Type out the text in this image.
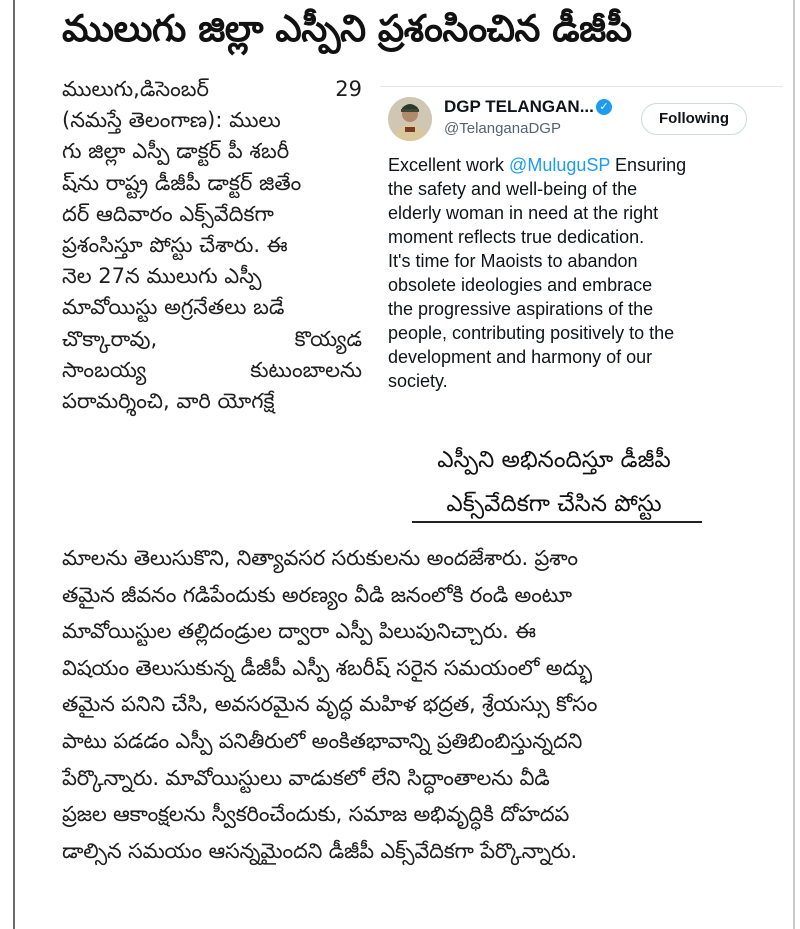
ములుగు జిల్లా ఎస్పీని ప్రశంసించిన డీజీపీ
ములుగు,డిసెంబర్	29
(నమస్తే తెలంగాణ): ములు
గు జిల్లా ఎస్పీ డాక్టర్ పీ శబరీ
ష్‌ను రాష్ట్ర డీజీపీ డాక్టర్ జితేం
దర్ ఆదివారం ఎక్స్‌వేదికగా
ప్రశంసిస్తూ పోస్టు చేశారు. ఈ
నెల 27న ములుగు ఎస్పీ
మావోయిస్టు అగ్రనేతలు బడే
చొక్కారావు,	కొయ్యడ
సాంబయ్య	కుటుంబాలను
పరామర్శించి, వారి యోగక్షే
DGP TELANGAN... ✓
@TelanganaDGP
Following
Excellent work @MuluguSP Ensuring
the safety and well-being of the
elderly woman in need at the right
moment reflects true dedication.
It's time for Maoists to abandon
obsolete ideologies and embrace
the progressive aspirations of the
people, contributing positively to the
development and harmony of our
society.
ఎస్పీని అభినందిస్తూ డీజీపీ
ఎక్స్‌వేదికగా చేసిన పోస్టు
మాలను తెలుసుకొని, నిత్యావసర సరుకులను అందజేశారు. ప్రశాం
తమైన జీవనం గడిపేందుకు అరణ్యం వీడి జనంలోకి రండి అంటూ
మావోయిస్టుల తల్లిదండ్రుల ద్వారా ఎస్పీ పిలుపునిచ్చారు. ఈ
విషయం తెలుసుకున్న డీజీపీ ఎస్పీ శబరీష్ సరైన సమయంలో అద్భు
తమైన పనిని చేసి, అవసరమైన వృద్ధ మహిళ భద్రత, శ్రేయస్సు కోసం
పాటు పడడం ఎస్పీ పనితీరులో అంకితభావాన్ని ప్రతిబింబిస్తున్నదని
పేర్కొన్నారు. మావోయిస్టులు వాడుకలో లేని సిద్ధాంతాలను వీడి
ప్రజల ఆకాంక్షలను స్వీకరించేందుకు, సమాజ అభివృద్ధికి దోహదప
డాల్సిన సమయం ఆసన్నమైందని డీజీపీ ఎక్స్‌వేదికగా పేర్కొన్నారు.
